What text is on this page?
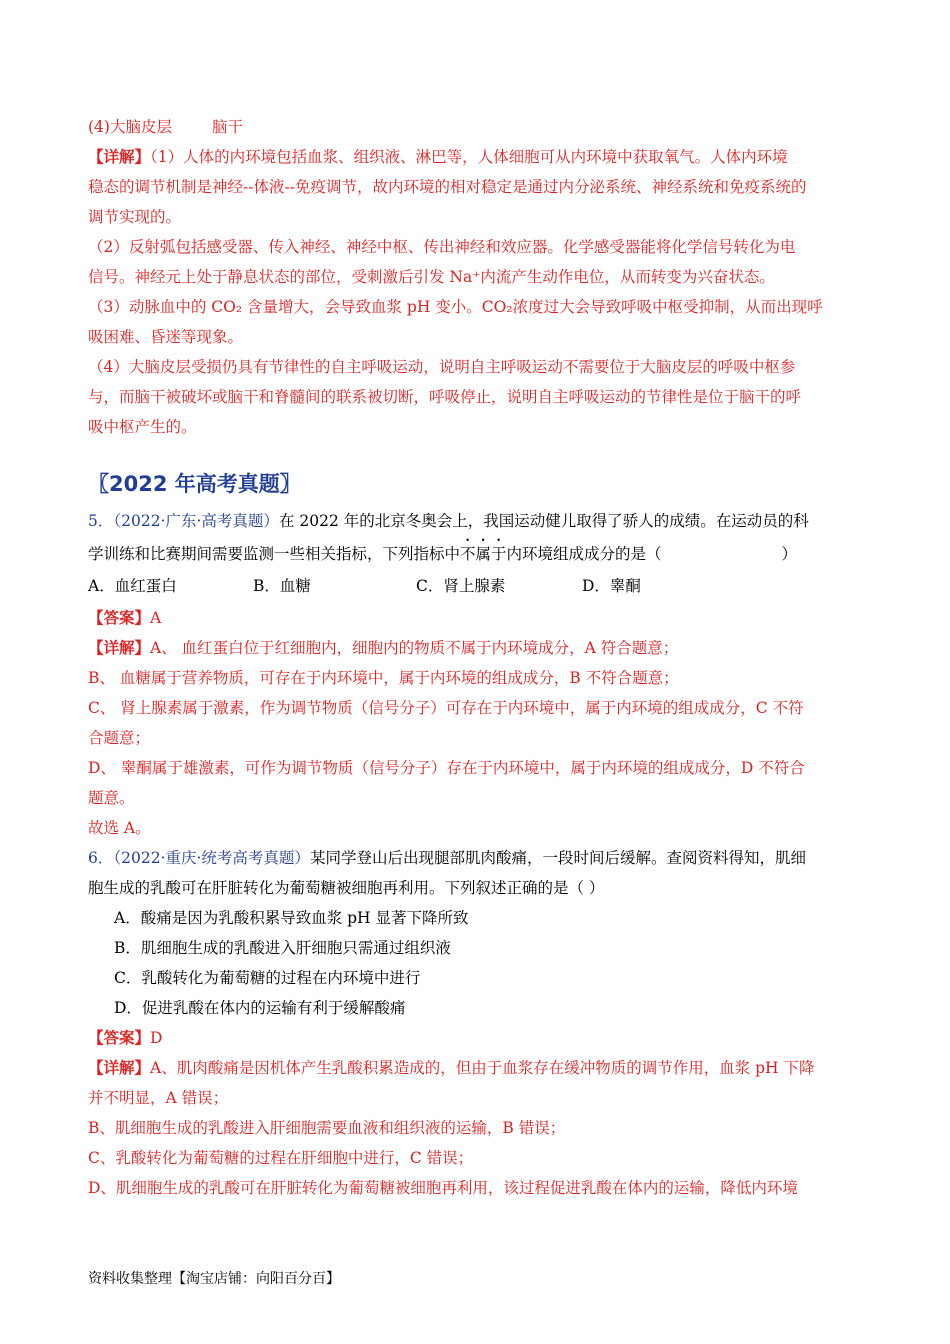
(4)大脑皮层	脑干
【详解】（1）人体的内环境包括血浆、组织液、淋巴等，人体细胞可从内环境中获取氧气。人体内环境
稳态的调节机制是神经--体液--免疫调节，故内环境的相对稳定是通过内分泌系统、神经系统和免疫系统的
调节实现的。
（2）反射弧包括感受器、传入神经、神经中枢、传出神经和效应器。化学感受器能将化学信号转化为电
信号。神经元上处于静息状态的部位，受刺激后引发 Na⁺内流产生动作电位，从而转变为兴奋状态。
（3）动脉血中的 CO₂ 含量增大，会导致血浆 pH 变小。CO₂浓度过大会导致呼吸中枢受抑制，从而出现呼
吸困难、昏迷等现象。
（4）大脑皮层受损仍具有节律性的自主呼吸运动，说明自主呼吸运动不需要位于大脑皮层的呼吸中枢参
与，而脑干被破坏或脑干和脊髓间的联系被切断，呼吸停止，说明自主呼吸运动的节律性是位于脑干的呼
吸中枢产生的。
〖2022 年高考真题〗
5．（2022·广东·高考真题）在 2022 年的北京冬奥会上，我国运动健儿取得了骄人的成绩。在运动员的科
学训练和比赛期间需要监测一些相关指标，下列指标中不属于内环境组成成分的是（	）
A．血红蛋白	B．血糖	C．肾上腺素	D．睾酮
【答案】A
【详解】A、 血红蛋白位于红细胞内，细胞内的物质不属于内环境成分，A 符合题意；
B、 血糖属于营养物质，可存在于内环境中，属于内环境的组成成分，B 不符合题意；
C、 肾上腺素属于激素，作为调节物质（信号分子）可存在于内环境中，属于内环境的组成成分，C 不符
合题意；
D、 睾酮属于雄激素，可作为调节物质（信号分子）存在于内环境中，属于内环境的组成成分，D 不符合
题意。
故选 A。
6．（2022·重庆·统考高考真题）某同学登山后出现腿部肌肉酸痛，一段时间后缓解。查阅资料得知，肌细
胞生成的乳酸可在肝脏转化为葡萄糖被细胞再利用。下列叙述正确的是（ ）
A．酸痛是因为乳酸积累导致血浆 pH 显著下降所致
B．肌细胞生成的乳酸进入肝细胞只需通过组织液
C．乳酸转化为葡萄糖的过程在内环境中进行
D．促进乳酸在体内的运输有利于缓解酸痛
【答案】D
【详解】A、肌肉酸痛是因机体产生乳酸积累造成的，但由于血浆存在缓冲物质的调节作用，血浆 pH 下降
并不明显，A 错误；
B、肌细胞生成的乳酸进入肝细胞需要血液和组织液的运输，B 错误；
C、乳酸转化为葡萄糖的过程在肝细胞中进行，C 错误；
D、肌细胞生成的乳酸可在肝脏转化为葡萄糖被细胞再利用，该过程促进乳酸在体内的运输，降低内环境
资料收集整理【淘宝店铺：向阳百分百】
